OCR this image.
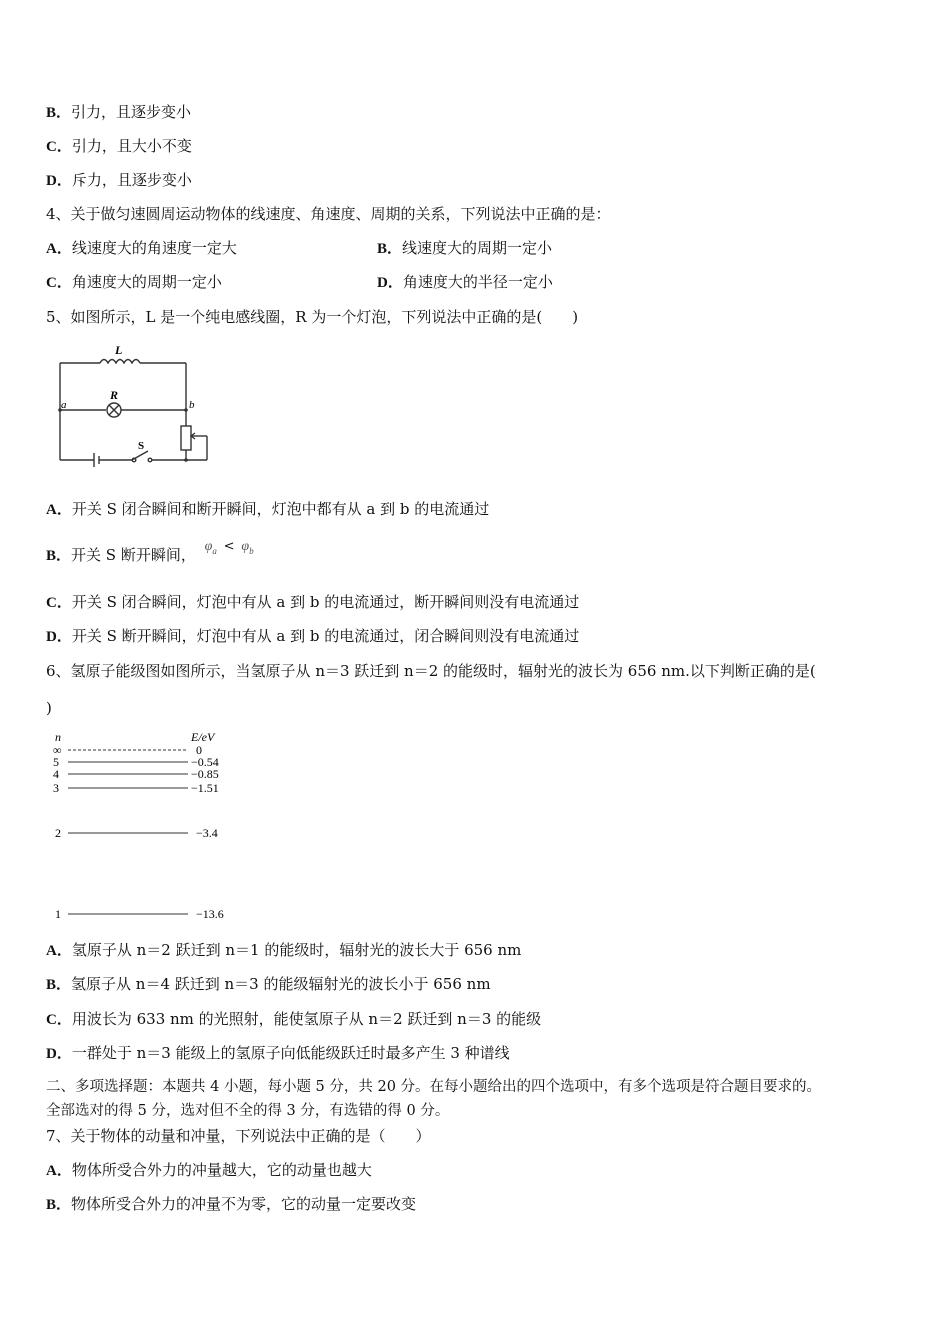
B．引力，且逐步变小
C．引力，且大小不变
D．斥力，且逐步变小
4、关于做匀速圆周运动物体的线速度、角速度、周期的关系，下列说法中正确的是：
A．线速度大的角速度一定大	B．线速度大的周期一定小
C．角速度大的周期一定小	D．角速度大的半径一定小
5、如图所示，L 是一个纯电感线圈，R 为一个灯泡，下列说法中正确的是(　　)
L
R
a	b
S
A．开关 S 闭合瞬间和断开瞬间，灯泡中都有从 a 到 b 的电流通过
B．开关 S 断开瞬间， $\varphi_a < \varphi_b$
C．开关 S 闭合瞬间，灯泡中有从 a 到 b 的电流通过，断开瞬间则没有电流通过
D．开关 S 断开瞬间，灯泡中有从 a 到 b 的电流通过，闭合瞬间则没有电流通过
6、氢原子能级图如图所示，当氢原子从 n＝3 跃迁到 n＝2 的能级时，辐射光的波长为 656 nm.以下判断正确的是(
)
n	E/eV
∞
5
4
3
2
1
0
−0.54
−0.85
−1.51
−3.4
−13.6
A．氢原子从 n＝2 跃迁到 n＝1 的能级时，辐射光的波长大于 656 nm
B．氢原子从 n＝4 跃迁到 n＝3 的能级辐射光的波长小于 656 nm
C．用波长为 633 nm 的光照射，能使氢原子从 n＝2 跃迁到 n＝3 的能级
D．一群处于 n＝3 能级上的氢原子向低能级跃迁时最多产生 3 种谱线
二、多项选择题：本题共 4 小题，每小题 5 分，共 20 分。在每小题给出的四个选项中，有多个选项是符合题目要求的。
全部选对的得 5 分，选对但不全的得 3 分，有选错的得 0 分。
7、关于物体的动量和冲量，下列说法中正确的是（　　）
A．物体所受合外力的冲量越大，它的动量也越大
B．物体所受合外力的冲量不为零，它的动量一定要改变
